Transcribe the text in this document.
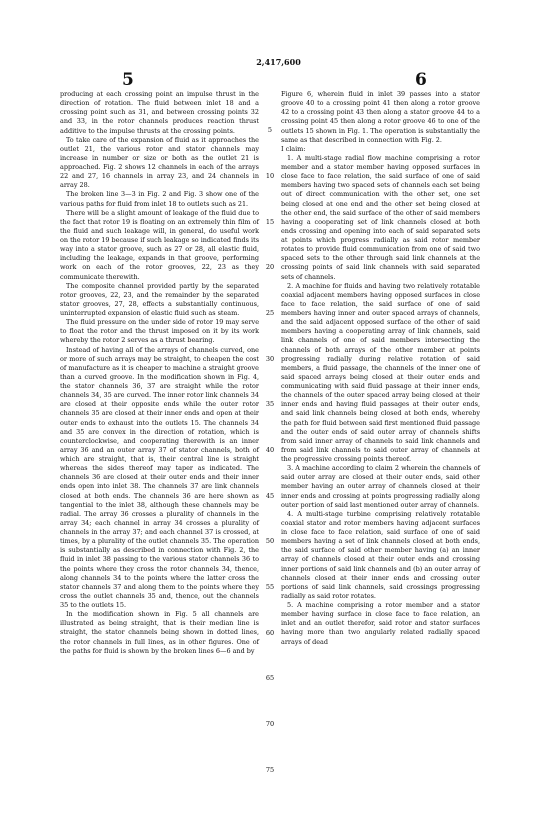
2,417,600
5	6

producing at each crossing point an impulse thrust in the direction of rotation. The fluid between inlet 18 and a crossing point such as 31, and between crossing points 32 and 33, in the rotor channels produces reaction thrust additive to the impulse thrusts at the crossing points.

To take care of the expansion of fluid as it approaches the outlet 21, the various rotor and stator channels may increase in number or size or both as the outlet 21 is approached. Fig. 2 shows 12 channels in each of the arrays 22 and 27, 16 channels in array 23, and 24 channels in array 28.

The broken line 3—3 in Fig. 2 and Fig. 3 show one of the various paths for fluid from inlet 18 to outlets such as 21.

There will be a slight amount of leakage of the fluid due to the fact that rotor 19 is floating on an extremely thin film of the fluid and such leakage will, in general, do useful work on the rotor 19 because if such leakage so indicated finds its way into a stator groove, such as 27 or 28, all elastic fluid, including the leakage, expands in that groove, performing work on each of the rotor grooves, 22, 23 as they communicate therewith.

The composite channel provided partly by the separated rotor grooves, 22, 23, and the remainder by the separated stator grooves, 27, 28, effects a substantially continuous, uninterrupted expansion of elastic fluid such as steam.

The fluid pressure on the under side of rotor 19 may serve to float the rotor and the thrust imposed on it by its work whereby the rotor 2 serves as a thrust bearing.

Instead of having all of the arrays of channels curved, one or more of such arrays may be straight, to cheapen the cost of manufacture as it is cheaper to machine a straight groove than a curved groove. In the modification shown in Fig. 4, the stator channels 36, 37 are straight while the rotor channels 34, 35 are curved. The inner rotor link channels 34 are closed at their opposite ends while the outer rotor channels 35 are closed at their inner ends and open at their outer ends to exhaust into the outlets 15. The channels 34 and 35 are convex in the direction of rotation, which is counterclockwise, and cooperating therewith is an inner array 36 and an outer array 37 of stator channels, both of which are straight, that is, their central line is straight whereas the sides thereof may taper as indicated. The channels 36 are closed at their outer ends and their inner ends open into inlet 38. The channels 37 are link channels closed at both ends. The channels 36 are here shown as tangential to the inlet 38, although these channels may be radial. The array 36 crosses a plurality of channels in the array 34; each channel in array 34 crosses a plurality of channels in the array 37; and each channel 37 is crossed, at times, by a plurality of the outlet channels 35. The operation is substantially as described in connection with Fig. 2, the fluid in inlet 38 passing to the various stator channels 36 to the points where they cross the rotor channels 34, thence, along channels 34 to the points where the latter cross the stator channels 37 and along them to the points where they cross the outlet channels 35 and, thence, out the channels 35 to the outlets 15.

In the modification shown in Fig. 5 all channels are illustrated as being straight, that is their median line is straight, the stator channels being shown in dotted lines, the rotor channels in full lines, as in other figures. One of the paths for fluid is shown by the broken lines 6—6 and by

5
10
15
20
25
30
35
40
45
50
55
60
65
70
75

Figure 6, wherein fluid in inlet 39 passes into a stator groove 40 to a crossing point 41 then along a rotor groove 42 to a crossing point 43 then along a stator groove 44 to a crossing point 45 then along a rotor groove 46 to one of the outlets 15 shown in Fig. 1. The operation is substantially the same as that described in connection with Fig. 2.

I claim:

1. A multi-stage radial flow machine comprising a rotor member and a stator member having opposed surfaces in close face to face relation, the said surface of one of said members having two spaced sets of channels each set being out of direct communication with the other set, one set being closed at one end and the other set being closed at the other end, the said surface of the other of said members having a cooperating set of link channels closed at both ends crossing and opening into each of said separated sets at points which progress radially as said rotor member rotates to provide fluid communication from one of said two spaced sets to the other through said link channels at the crossing points of said link channels with said separated sets of channels.

2. A machine for fluids and having two relatively rotatable coaxial adjacent members having opposed surfaces in close face to face relation, the said surface of one of said members having inner and outer spaced arrays of channels, and the said adjacent opposed surface of the other of said members having a cooperating array of link channels, said link channels of one of said members intersecting the channels of both arrays of the other member at points progressing radially during relative rotation of said members, a fluid passage, the channels of the inner one of said spaced arrays being closed at their outer ends and communicating with said fluid passage at their inner ends, the channels of the outer spaced array being closed at their inner ends and having fluid passages at their outer ends, and said link channels being closed at both ends, whereby the path for fluid between said first mentioned fluid passage and the outer ends of said outer array of channels shifts from said inner array of channels to said link channels and from said link channels to said outer array of channels at the progressive crossing points thereof.

3. A machine according to claim 2 wherein the channels of said outer array are closed at their outer ends, said other member having an outer array of channels closed at their inner ends and crossing at points progressing radially along outer portion of said last mentioned outer array of channels.

4. A multi-stage turbine comprising relatively rotatable coaxial stator and rotor members having adjacent surfaces in close face to face relation, said surface of one of said members having a set of link channels closed at both ends, the said surface of said other member having (a) an inner array of channels closed at their outer ends and crossing inner portions of said link channels and (b) an outer array of channels closed at their inner ends and crossing outer portions of said link channels, said crossings progressing radially as said rotor rotates.

5. A machine comprising a rotor member and a stator member having surface in close face to face relation, an inlet and an outlet therefor, said rotor and stator surfaces having more than two angularly related radially spaced arrays of dead
